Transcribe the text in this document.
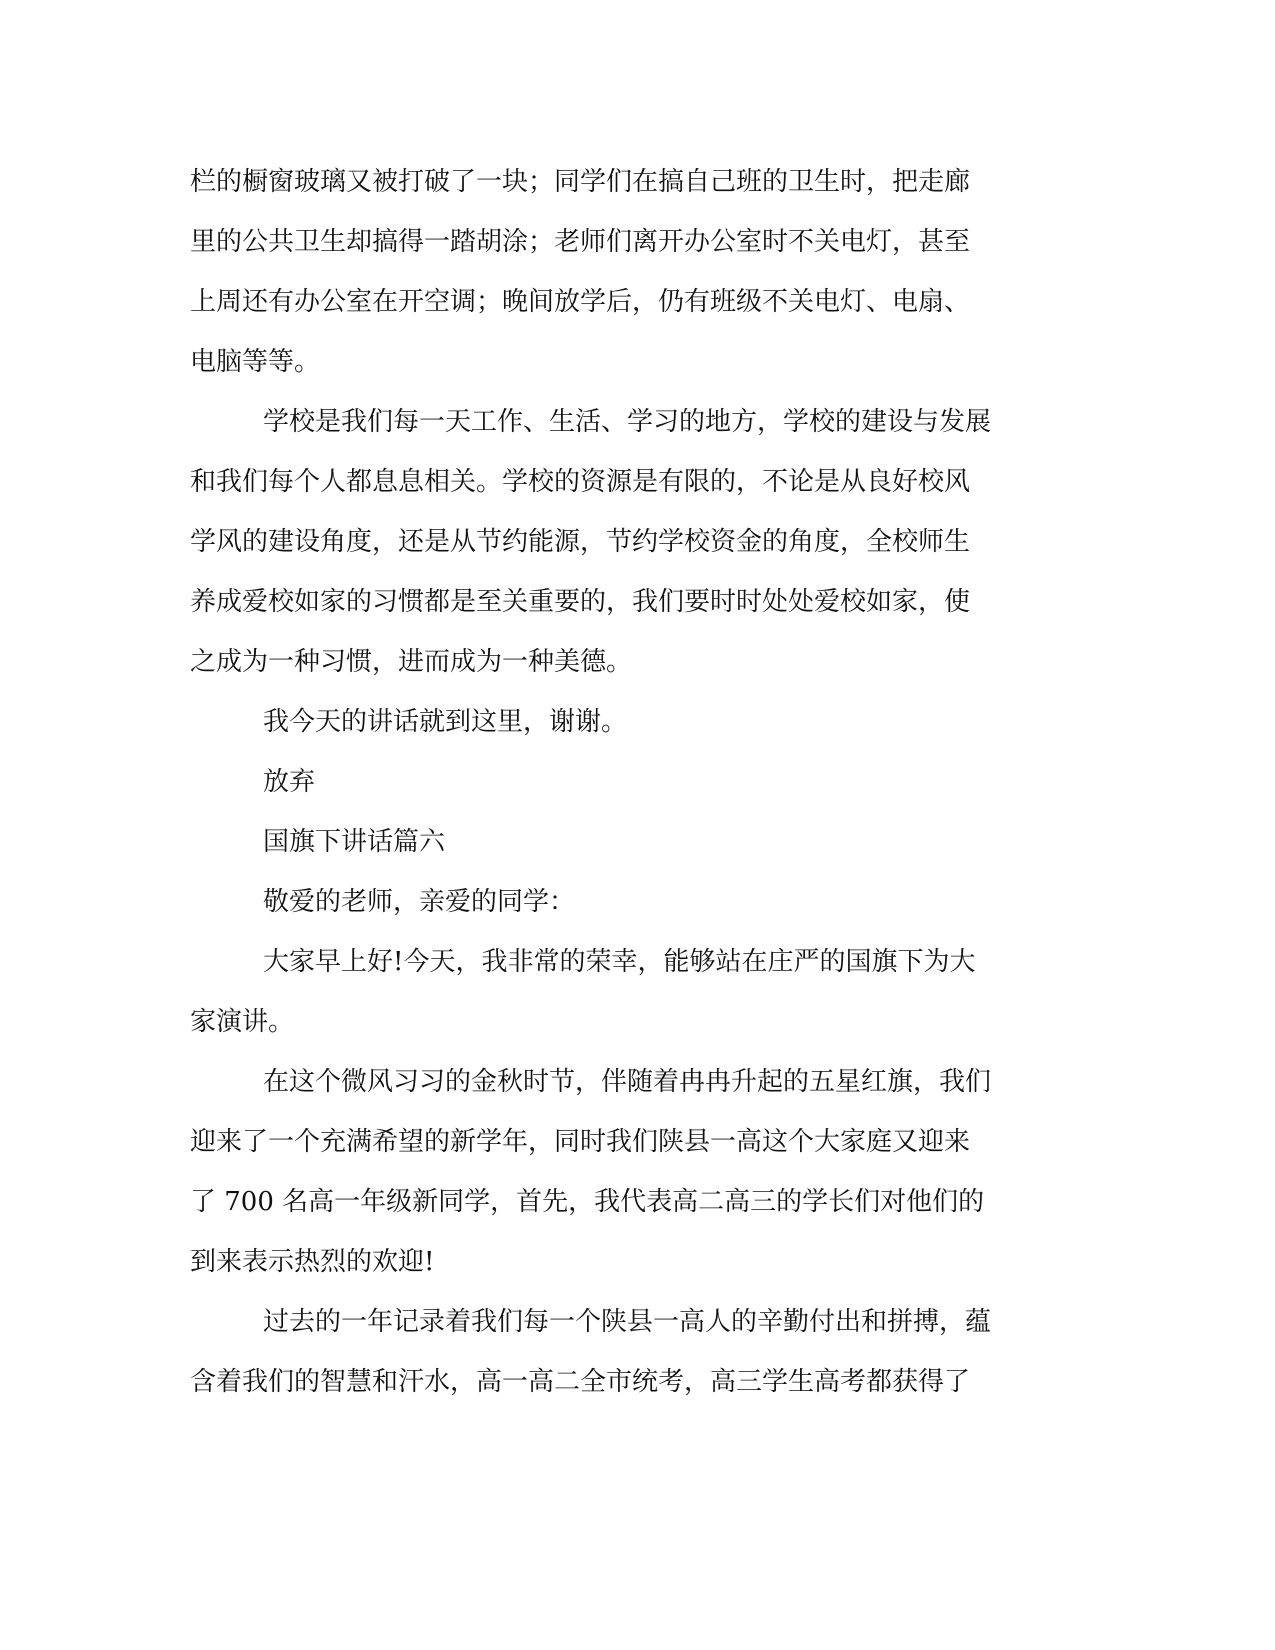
栏的橱窗玻璃又被打破了一块；同学们在搞自己班的卫生时，把走廊
里的公共卫生却搞得一踏胡涂；老师们离开办公室时不关电灯，甚至
上周还有办公室在开空调；晚间放学后，仍有班级不关电灯、电扇、
电脑等等。
学校是我们每一天工作、生活、学习的地方，学校的建设与发展
和我们每个人都息息相关。学校的资源是有限的，不论是从良好校风
学风的建设角度，还是从节约能源，节约学校资金的角度，全校师生
养成爱校如家的习惯都是至关重要的，我们要时时处处爱校如家，使
之成为一种习惯，进而成为一种美德。
我今天的讲话就到这里，谢谢。
放弃
国旗下讲话篇六
敬爱的老师，亲爱的同学：
大家早上好!今天，我非常的荣幸，能够站在庄严的国旗下为大
家演讲。
在这个微风习习的金秋时节，伴随着冉冉升起的五星红旗，我们
迎来了一个充满希望的新学年，同时我们陕县一高这个大家庭又迎来
了 700 名高一年级新同学，首先，我代表高二高三的学长们对他们的
到来表示热烈的欢迎!
过去的一年记录着我们每一个陕县一高人的辛勤付出和拼搏，蕴
含着我们的智慧和汗水，高一高二全市统考，高三学生高考都获得了
